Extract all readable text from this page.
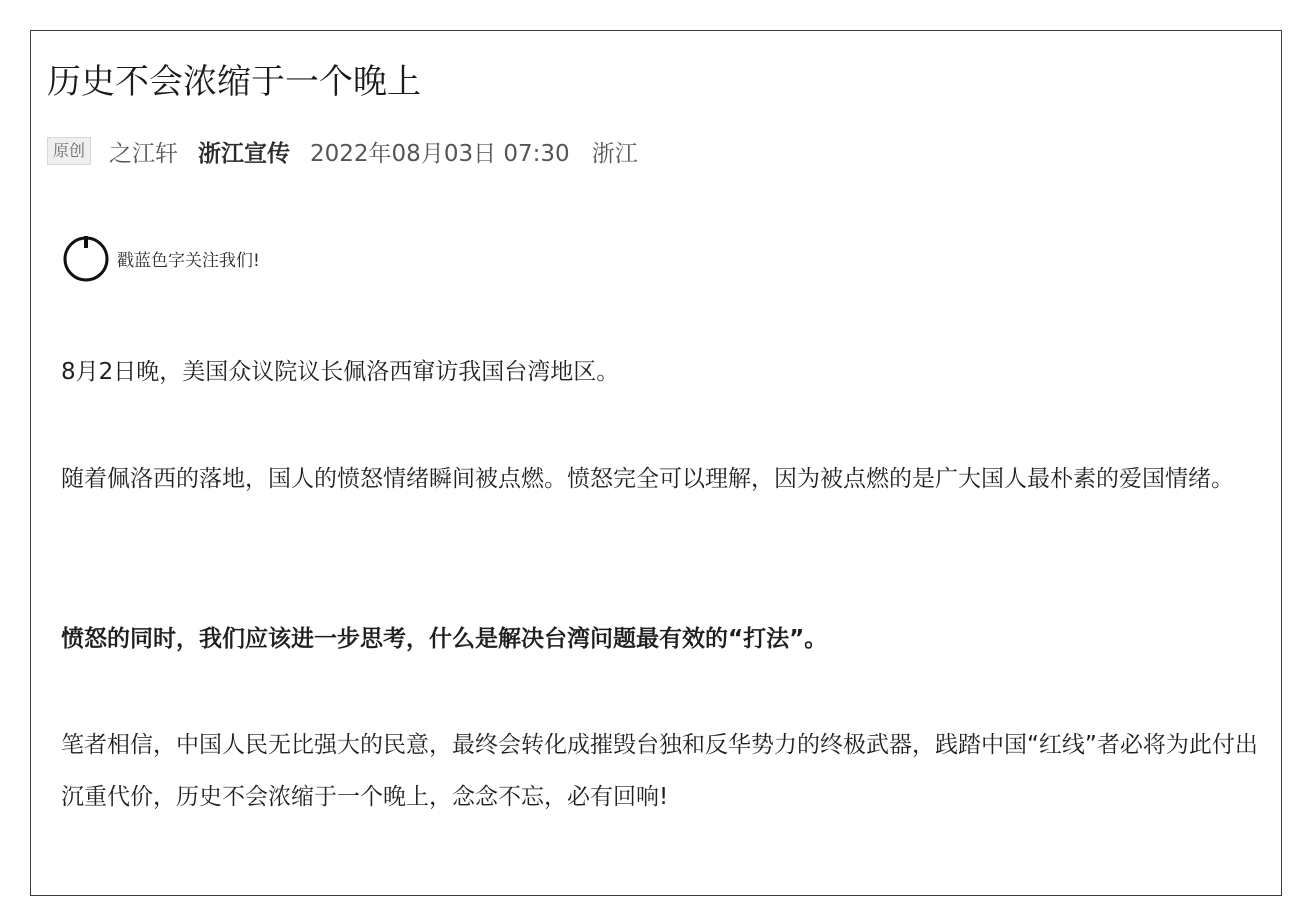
历史不会浓缩于一个晚上
原创 之江轩 浙江宣传 2022年08月03日 07:30 浙江
戳蓝色字关注我们!

8月2日晚，美国众议院议长佩洛西窜访我国台湾地区。

随着佩洛西的落地，国人的愤怒情绪瞬间被点燃。愤怒完全可以理解，因为被点燃的是广大国人最朴素的爱国情绪。

愤怒的同时，我们应该进一步思考，什么是解决台湾问题最有效的“打法”。

笔者相信，中国人民无比强大的民意，最终会转化成摧毁台独和反华势力的终极武器，践踏中国“红线”者必将为此付出沉重代价，历史不会浓缩于一个晚上，念念不忘，必有回响!
